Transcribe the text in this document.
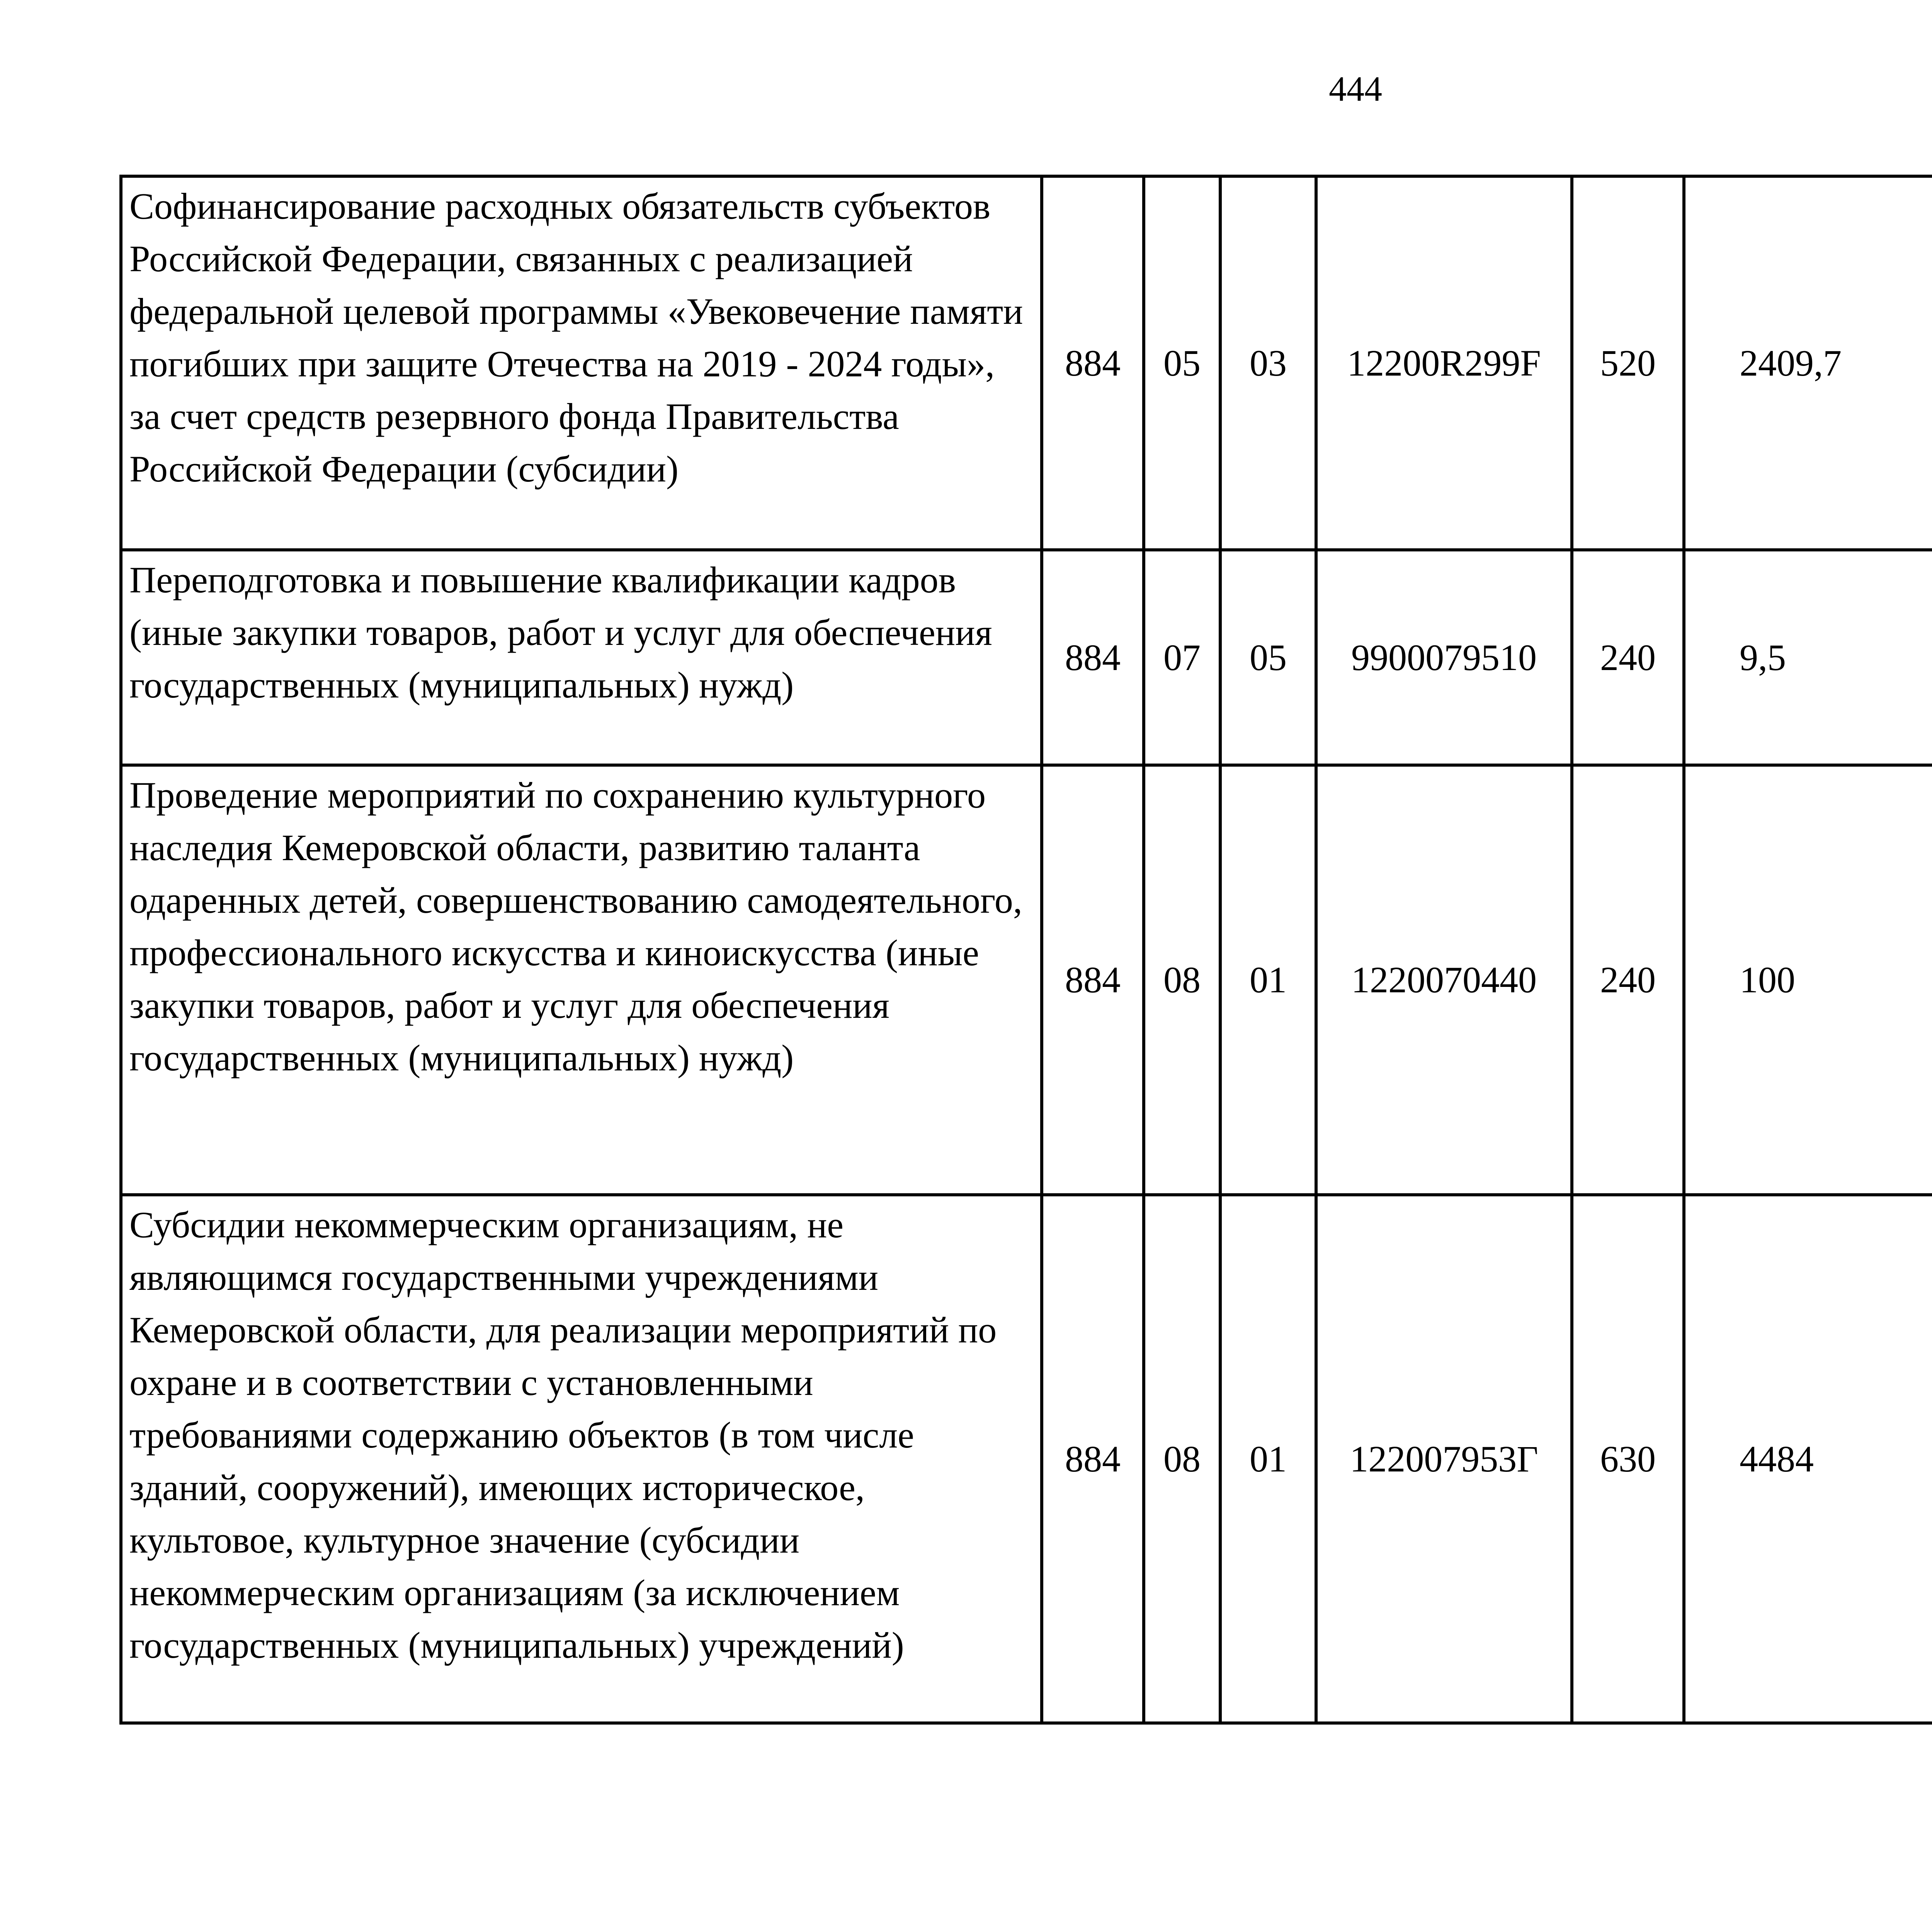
444
Софинансирование расходных обязательств субъектов Российской Федерации, связанных с реализацией федеральной целевой программы «Увековечение памяти погибших при защите Отечества на 2019 - 2024 годы», за счет средств резервного фонда Правительства Российской Федерации (субсидии)	884	05	03	12200R299F	520	2409,7		
Переподготовка и повышение квалификации кадров (иные закупки товаров, работ и услуг для обеспечения государственных (муниципальных) нужд)	884	07	05	9900079510	240	9,5		
Проведение мероприятий по сохранению культурного наследия Кемеровской области, развитию таланта одаренных детей, совершенствованию самодеятельного, профессионального искусства и киноискусства (иные закупки товаров, работ и услуг для обеспечения государственных (муниципальных) нужд)	884	08	01	1220070440	240	100		
Субсидии некоммерческим организациям, не являющимся государственными учреждениями Кемеровской области, для реализации мероприятий по охране и в соответствии с установленными требованиями содержанию объектов (в том числе зданий, сооружений), имеющих историческое, культовое, культурное значение (субсидии некоммерческим организациям (за исключением государственных (муниципальных) учреждений)	884	08	01	122007953Г	630	4484		
